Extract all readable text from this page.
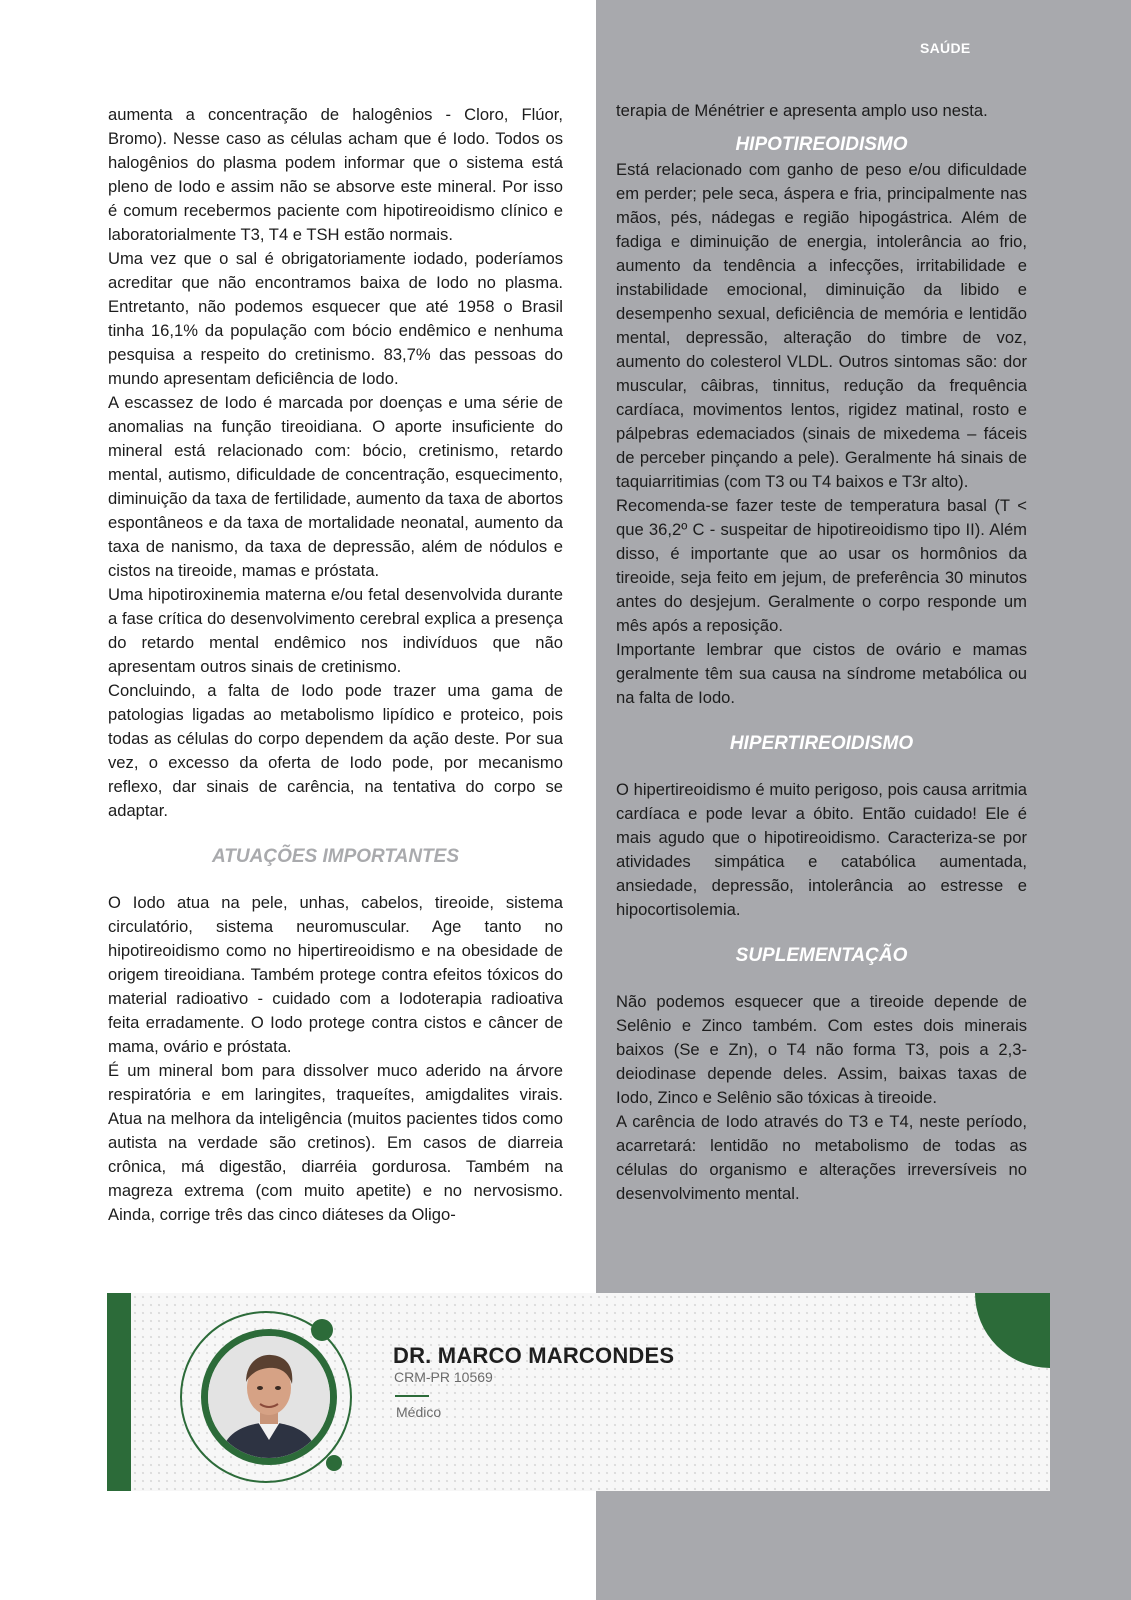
SAÚDE

aumenta a concentração de halogênios - Cloro, Flúor, Bromo). Nesse caso as células acham que é Iodo. Todos os halogênios do plasma podem informar que o sistema está pleno de Iodo e assim não se absorve este mineral. Por isso é comum recebermos paciente com hipotireoidismo clínico e laboratorialmente T3, T4 e TSH estão normais.

Uma vez que o sal é obrigatoriamente iodado, poderíamos acreditar que não encontramos baixa de Iodo no plasma. Entretanto, não podemos esquecer que até 1958 o Brasil tinha 16,1% da população com bócio endêmico e nenhuma pesquisa a respeito do cretinismo. 83,7% das pessoas do mundo apresentam deficiência de Iodo.

A escassez de Iodo é marcada por doenças e uma série de anomalias na função tireoidiana. O aporte insuficiente do mineral está relacionado com: bócio, cretinismo, retardo mental, autismo, dificuldade de concentração, esquecimento, diminuição da taxa de fertilidade, aumento da taxa de abortos espontâneos e da taxa de mortalidade neonatal, aumento da taxa de nanismo, da taxa de depressão, além de nódulos e cistos na tireoide, mamas e próstata.

Uma hipotiroxinemia materna e/ou fetal desenvolvida durante a fase crítica do desenvolvimento cerebral explica a presença do retardo mental endêmico nos indivíduos que não apresentam outros sinais de cretinismo.

Concluindo, a falta de Iodo pode trazer uma gama de patologias ligadas ao metabolismo lipídico e proteico, pois todas as células do corpo dependem da ação deste. Por sua vez, o excesso da oferta de Iodo pode, por mecanismo reflexo, dar sinais de carência, na tentativa do corpo se adaptar.

ATUAÇÕES IMPORTANTES

O Iodo atua na pele, unhas, cabelos, tireoide, sistema circulatório, sistema neuromuscular. Age tanto no hipotireoidismo como no hipertireoidismo e na obesidade de origem tireoidiana. Também protege contra efeitos tóxicos do material radioativo - cuidado com a Iodoterapia radioativa feita erradamente. O Iodo protege contra cistos e câncer de mama, ovário e próstata.

É um mineral bom para dissolver muco aderido na árvore respiratória e em laringites, traqueítes, amigdalites virais. Atua na melhora da inteligência (muitos pacientes tidos como autista na verdade são cretinos). Em casos de diarreia crônica, má digestão, diarréia gordurosa. Também na magreza extrema (com muito apetite) e no nervosismo. Ainda, corrige três das cinco diáteses da Oligo-

terapia de Ménétrier e apresenta amplo uso nesta.

HIPOTIREOIDISMO

Está relacionado com ganho de peso e/ou dificuldade em perder; pele seca, áspera e fria, principalmente nas mãos, pés, nádegas e região hipogástrica. Além de fadiga e diminuição de energia, intolerância ao frio, aumento da tendência a infecções, irritabilidade e instabilidade emocional, diminuição da libido e desempenho sexual, deficiência de memória e lentidão mental, depressão, alteração do timbre de voz, aumento do colesterol VLDL. Outros sintomas são: dor muscular, câibras, tinnitus, redução da frequência cardíaca, movimentos lentos, rigidez matinal, rosto e pálpebras edemaciados (sinais de mixedema – fáceis de perceber pinçando a pele). Geralmente há sinais de taquiarritimias (com T3 ou T4 baixos e T3r alto).

Recomenda-se fazer teste de temperatura basal (T < que 36,2º C - suspeitar de hipotireoidismo tipo II). Além disso, é importante que ao usar os hormônios da tireoide, seja feito em jejum, de preferência 30 minutos antes do desjejum. Geralmente o corpo responde um mês após a reposição.

Importante lembrar que cistos de ovário e mamas geralmente têm sua causa na síndrome metabólica ou na falta de Iodo.

HIPERTIREOIDISMO

O hipertireoidismo é muito perigoso, pois causa arritmia cardíaca e pode levar a óbito. Então cuidado! Ele é mais agudo que o hipotireoidismo. Caracteriza-se por atividades simpática e catabólica aumentada, ansiedade, depressão, intolerância ao estresse e hipocortisolemia.

SUPLEMENTAÇÃO

Não podemos esquecer que a tireoide depende de Selênio e Zinco também. Com estes dois minerais baixos (Se e Zn), o T4 não forma T3, pois a 2,3-deiodinase depende deles. Assim, baixas taxas de Iodo, Zinco e Selênio são tóxicas à tireoide.

A carência de Iodo através do T3 e T4, neste período, acarretará: lentidão no metabolismo de todas as células do organismo e alterações irreversíveis no desenvolvimento mental.

DR. MARCO MARCONDES
CRM-PR 10569
Médico
